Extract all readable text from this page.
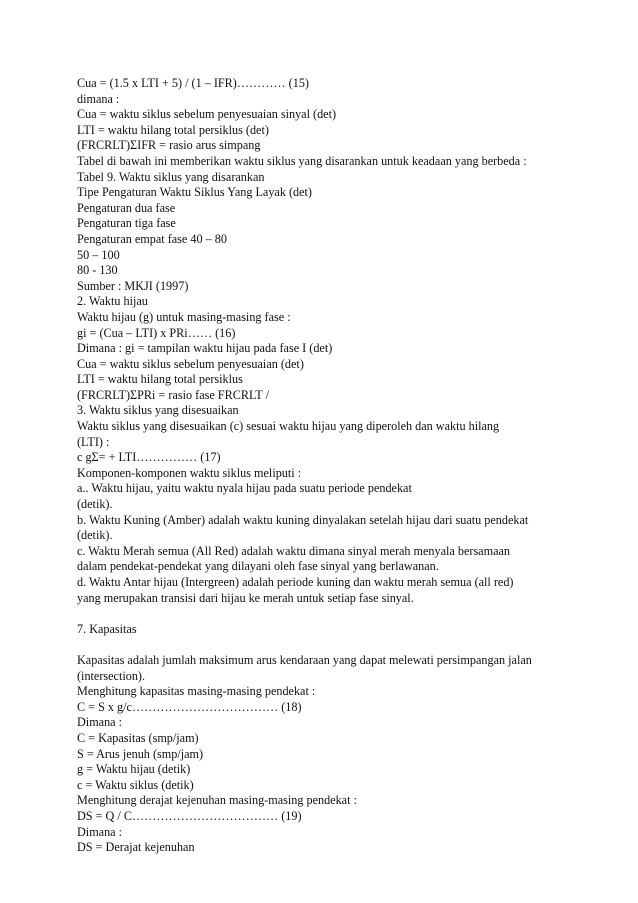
Cua = (1.5 x LTI + 5) / (1 – IFR)………… (15)
dimana :
Cua = waktu siklus sebelum penyesuaian sinyal (det)
LTI = waktu hilang total persiklus (det)
(FRCRLT)ΣIFR = rasio arus simpang
Tabel di bawah ini memberikan waktu siklus yang disarankan untuk keadaan yang berbeda :
Tabel 9. Waktu siklus yang disarankan
Tipe Pengaturan Waktu Siklus Yang Layak (det)
Pengaturan dua fase
Pengaturan tiga fase
Pengaturan empat fase 40 – 80
50 – 100
80 - 130
Sumber : MKJI (1997)
2. Waktu hijau
Waktu hijau (g) untuk masing-masing fase :
gi = (Cua – LTI) x PRi…… (16)
Dimana : gi = tampilan waktu hijau pada fase I (det)
Cua = waktu siklus sebelum penyesuaian (det)
LTI = waktu hilang total persiklus
(FRCRLT)ΣPRi = rasio fase FRCRLT /
3. Waktu siklus yang disesuaikan
Waktu siklus yang disesuaikan (c) sesuai waktu hijau yang diperoleh dan waktu hilang
(LTI) :
c gΣ= + LTI…………… (17)
Komponen-komponen waktu siklus meliputi :
a.. Waktu hijau, yaitu waktu nyala hijau pada suatu periode pendekat
(detik).
b. Waktu Kuning (Amber) adalah waktu kuning dinyalakan setelah hijau dari suatu pendekat
(detik).
c. Waktu Merah semua (All Red) adalah waktu dimana sinyal merah menyala bersamaan
dalam pendekat-pendekat yang dilayani oleh fase sinyal yang berlawanan.
d. Waktu Antar hijau (Intergreen) adalah periode kuning dan waktu merah semua (all red)
yang merupakan transisi dari hijau ke merah untuk setiap fase sinyal.
7. Kapasitas
Kapasitas adalah jumlah maksimum arus kendaraan yang dapat melewati persimpangan jalan
(intersection).
Menghitung kapasitas masing-masing pendekat :
C = S x g/c……………………………… (18)
Dimana :
C = Kapasitas (smp/jam)
S = Arus jenuh (smp/jam)
g = Waktu hijau (detik)
c = Waktu siklus (detik)
Menghitung derajat kejenuhan masing-masing pendekat :
DS = Q / C……………………………… (19)
Dimana :
DS = Derajat kejenuhan
